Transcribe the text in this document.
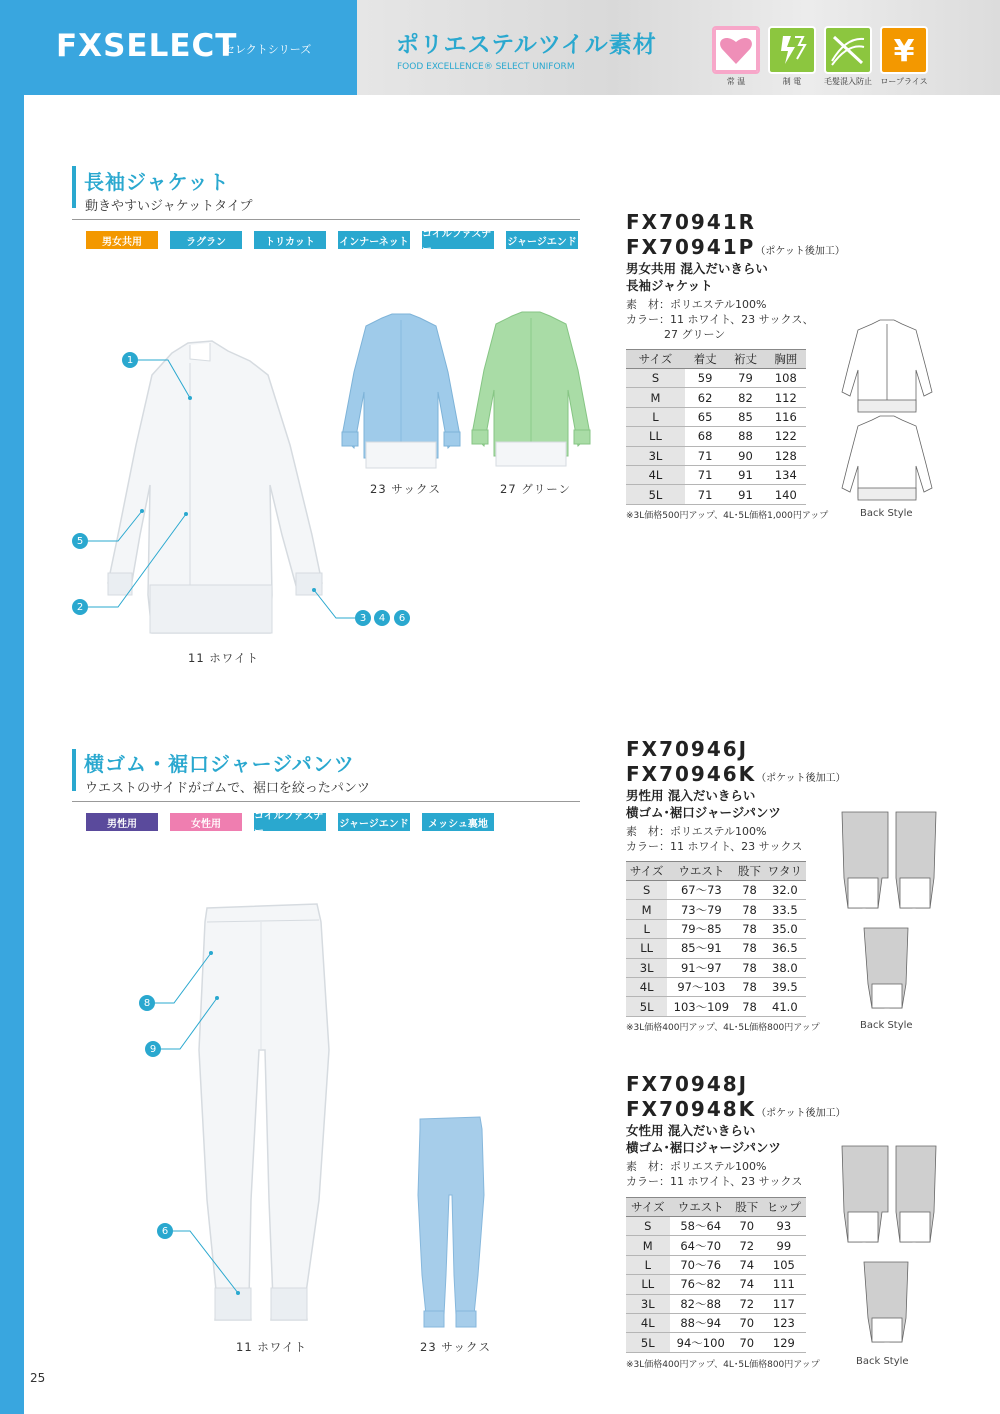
FXSELECT
セレクトシリーズ	ポリエステルツイル素材
FOOD EXCELLENCE® SELECT UNIFORM
常 温	制 電	毛髪混入防止
¥
ロープライス
長袖ジャケット
動きやすいジャケットタイプ
男女共用	ラグラン	トリカット	インナーネット
コイルファスナー
ジャージエンド
1
5
2
3	4	6
11 ホワイト
23 サックス	27 グリーン
FX70941R
FX70941P（ポケット後加工）
男女共用 混入だいきらい
長袖ジャケット
素　材：ポリエステル100%
カラー：11 ホワイト、23 サックス、
27 グリーン
サイズ	着丈	裄丈	胸囲
S	59	79	108
M	62	82	112
L	65	85	116
LL	68	88	122
3L	71	90	128
4L	71	91	134
5L	71	91	140
※3L価格500円アップ、4L･5L価格1,000円アップ	Back Style
横ゴム・裾口ジャージパンツ
ウエストのサイドがゴムで、裾口を絞ったパンツ
男性用	女性用
コイルファスナー
ジャージエンド	メッシュ裏地
8
9
6
11 ホワイト	23 サックス
FX70946J
FX70946K（ポケット後加工）
男性用 混入だいきらい
横ゴム･裾口ジャージパンツ
素　材：ポリエステル100%
カラー：11 ホワイト、23 サックス
サイズ	ウエスト	股下	ワタリ
S	67～73	78	32.0
M	73～79	78	33.5
L	79～85	78	35.0
LL	85～91	78	36.5
3L	91～97	78	38.0
4L	97～103	78	39.5
5L	103～109	78	41.0
※3L価格400円アップ、4L･5L価格800円アップ	Back Style
FX70948J
FX70948K（ポケット後加工）
女性用 混入だいきらい
横ゴム･裾口ジャージパンツ
素　材：ポリエステル100%
カラー：11 ホワイト、23 サックス
サイズ	ウエスト	股下	ヒップ
S	58～64	70	93
M	64～70	72	99
L	70～76	74	105
LL	76～82	74	111
3L	82～88	72	117
4L	88～94	70	123
5L	94～100	70	129
※3L価格400円アップ、4L･5L価格800円アップ	Back Style
25
